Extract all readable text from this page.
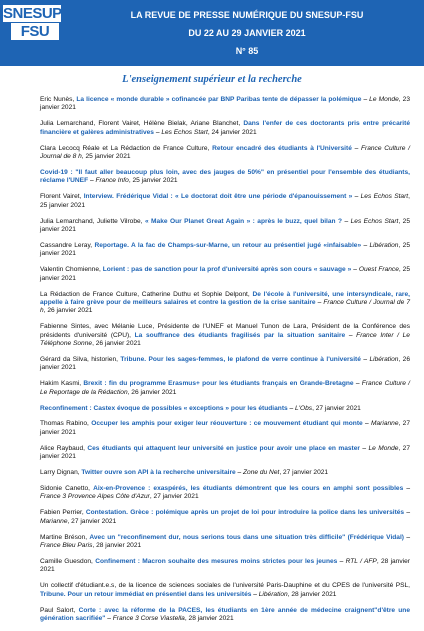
SNESUP
FSU
LA REVUE DE PRESSE NUMÉRIQUE DU SNESUP-FSU
DU 22 AU 29 JANVIER 2021
N° 85
L'enseignement supérieur et la recherche

Eric Nunès, La licence « monde durable » cofinancée par BNP Paribas tente de dépasser la polémique – Le Monde, 23 janvier 2021

Julia Lemarchand, Florent Vairet, Hélène Bielak, Ariane Blanchet, Dans l'enfer de ces doctorants pris entre précarité financière et galères administratives – Les Echos Start, 24 janvier 2021

Clara Lecocq Réale et La Rédaction de France Culture, Retour encadré des étudiants à l'Université – France Culture / Journal de 8 h, 25 janvier 2021

Covid-19 : "Il faut aller beaucoup plus loin, avec des jauges de 50%" en présentiel pour l'ensemble des étudiants, réclame l'UNEF – France Info, 25 janvier 2021

Florent Vairet, Interview. Frédérique Vidal : « Le doctorat doit être une période d'épanouissement » – Les Echos Start, 25 janvier 2021

Julia Lemarchand, Juliette Vilrobe, « Make Our Planet Great Again » : après le buzz, quel bilan ? – Les Echos Start, 25 janvier 2021

Cassandre Leray, Reportage. A la fac de Champs-sur-Marne, un retour au présentiel jugé «infaisable» – Libération, 25 janvier 2021

Valentin Chomienne, Lorient : pas de sanction pour la prof d'université après son cours « sauvage » – Ouest France, 25 janvier 2021

La Rédaction de France Culture, Catherine Duthu et Sophie Delpont, De l'école à l'université, une intersyndicale, rare, appelle à faire grève pour de meilleurs salaires et contre la gestion de la crise sanitaire – France Culture / Journal de 7 h, 26 janvier 2021

Fabienne Sintes, avec Mélanie Luce, Présidente de l'UNEF et Manuel Tunon de Lara, Président de la Conférence des présidents d'université (CPU), La souffrance des étudiants fragilisés par la situation sanitaire – France Inter / Le Téléphone Sonne, 26 janvier 2021

Gérard da Silva, historien, Tribune. Pour les sages-femmes, le plafond de verre continue à l'université – Libération, 26 janvier 2021

Hakim Kasmi, Brexit : fin du programme Erasmus+ pour les étudiants français en Grande-Bretagne – France Culture / Le Reportage de la Rédaction, 26 janvier 2021

Reconfinement : Castex évoque de possibles « exceptions » pour les étudiants – L'Obs, 27 janvier 2021

Thomas Rabino, Occuper les amphis pour exiger leur réouverture : ce mouvement étudiant qui monte – Marianne, 27 janvier 2021

Alice Raybaud, Ces étudiants qui attaquent leur université en justice pour avoir une place en master – Le Monde, 27 janvier 2021

Larry Dignan, Twitter ouvre son API à la recherche universitaire – Zone du Net, 27 janvier 2021

Sidonie Canetto, Aix-en-Provence : exaspérés, les étudiants démontrent que les cours en amphi sont possibles – France 3 Provence Alpes Côte d'Azur, 27 janvier 2021

Fabien Perrier, Contestation. Grèce : polémique après un projet de loi pour introduire la police dans les universités – Marianne, 27 janvier 2021

Martine Bréson, Avec un "reconfinement dur, nous serions tous dans une situation très difficile" (Frédérique Vidal) – France Bleu Paris, 28 janvier 2021

Camille Guesdon, Confinement : Macron souhaite des mesures moins strictes pour les jeunes – RTL / AFP, 28 janvier 2021

Un collectif d'étudiant.e.s, de la licence de sciences sociales de l'université Paris-Dauphine et du CPES de l'université PSL, Tribune. Pour un retour immédiat en présentiel dans les universités – Libération, 28 janvier 2021

Paul Salort, Corte : avec la réforme de la PACES, les étudiants en 1ère année de médecine craignent"d'être une génération sacrifiée" – France 3 Corse Viastella, 28 janvier 2021
